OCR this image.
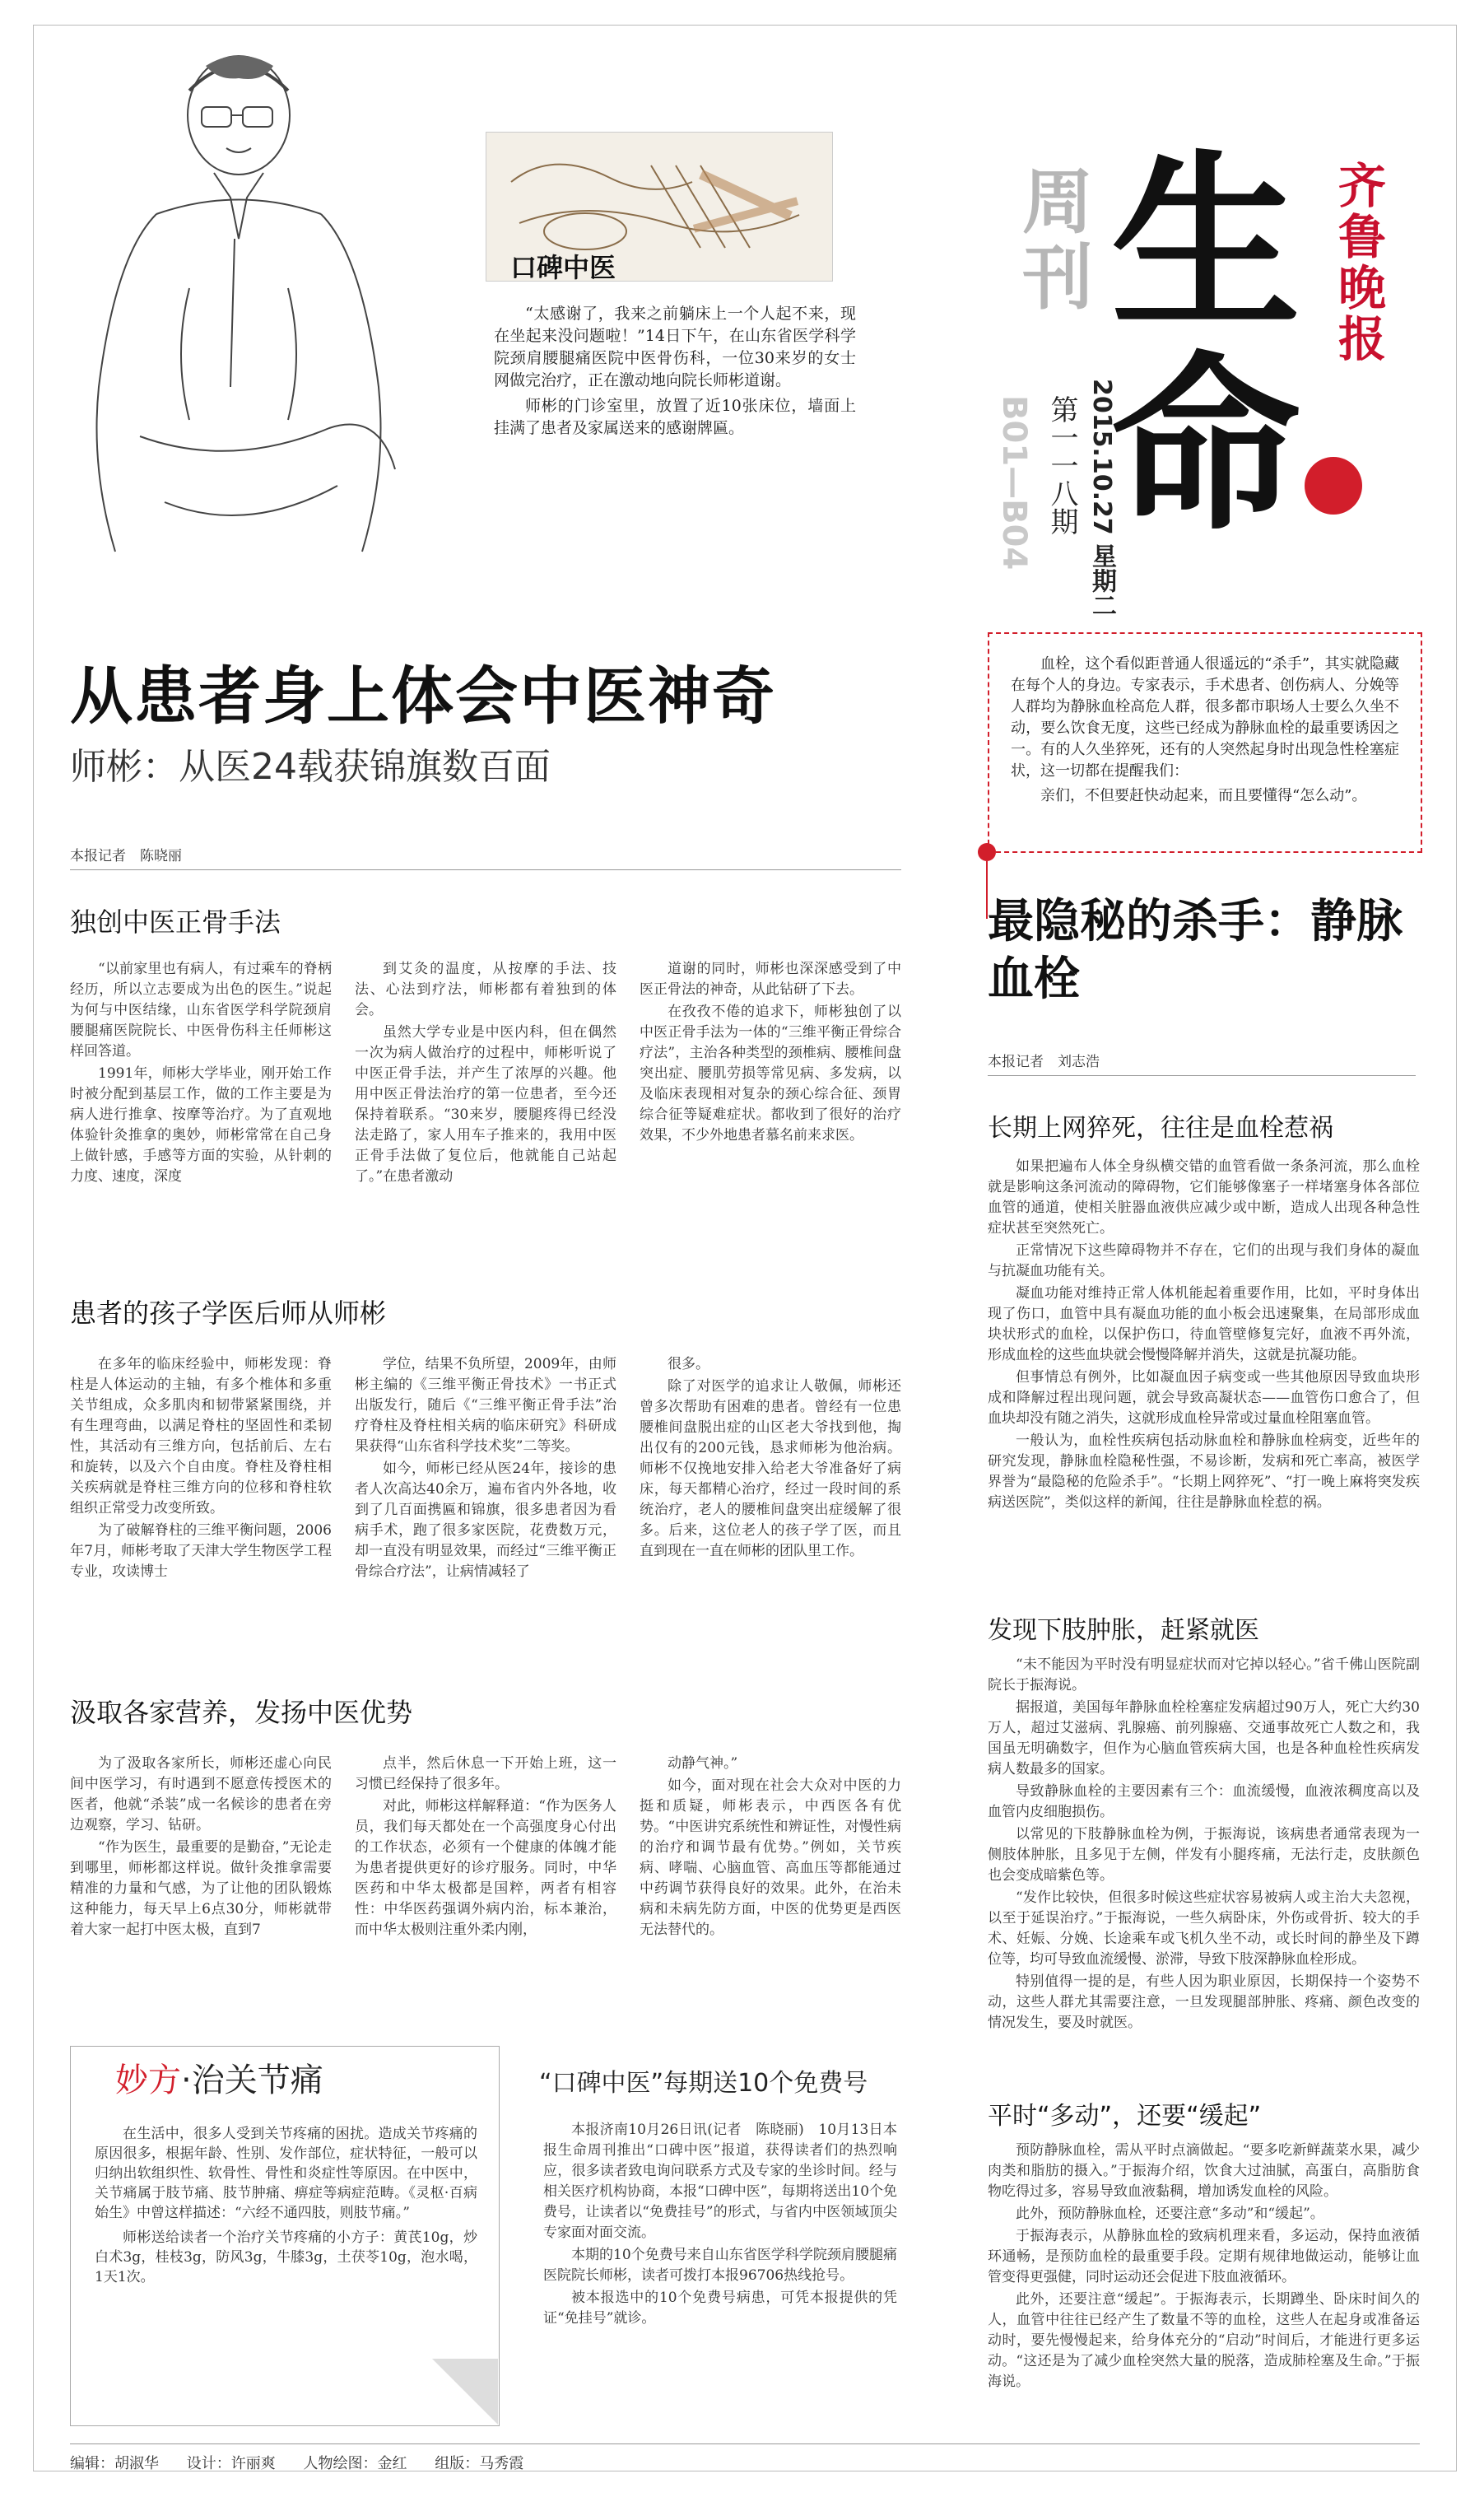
口碑中医

“太感谢了，我来之前躺床上一个人起不来，现在坐起来没问题啦！”14日下午，在山东省医学科学院颈肩腰腿痛医院中医骨伤科，一位30来岁的女士网做完治疗，正在激动地向院长师彬道谢。

师彬的门诊室里，放置了近10张床位，墙面上挂满了患者及家属送来的感谢牌匾。

周刊 生命
齐鲁晚报
2015.10.27 星期二
第一一八期
B01—B04
从患者身上体会中医神奇
师彬：从医24载获锦旗数百面
本报记者　陈晓丽
独创中医正骨手法

“以前家里也有病人，有过乘车的脊柄经历，所以立志要成为出色的医生。”说起为何与中医结缘，山东省医学科学院颈肩腰腿痛医院院长、中医骨伤科主任师彬这样回答道。

1991年，师彬大学毕业，刚开始工作时被分配到基层工作，做的工作主要是为病人进行推拿、按摩等治疗。为了直观地体验针灸推拿的奥妙，师彬常常在自己身上做针感，手感等方面的实验，从针刺的力度、速度，深度

到艾灸的温度，从按摩的手法、技法、心法到疗法，师彬都有着独到的体会。

虽然大学专业是中医内科，但在偶然一次为病人做治疗的过程中，师彬听说了中医正骨手法，并产生了浓厚的兴趣。他用中医正骨法治疗的第一位患者，至今还保持着联系。“30来岁，腰腿疼得已经没法走路了，家人用车子推来的，我用中医正骨手法做了复位后，他就能自己站起了。”在患者激动

道谢的同时，师彬也深深感受到了中医正骨法的神奇，从此钻研了下去。

在孜孜不倦的追求下，师彬独创了以中医正骨手法为一体的“三维平衡正骨综合疗法”，主治各种类型的颈椎病、腰椎间盘突出症、腰肌劳损等常见病、多发病，以及临床表现相对复杂的颈心综合征、颈胃综合征等疑难症状。都收到了很好的治疗效果，不少外地患者慕名前来求医。

患者的孩子学医后师从师彬

在多年的临床经验中，师彬发现：脊柱是人体运动的主轴，有多个椎体和多重关节组成，众多肌肉和韧带紧紧围绕，并有生理弯曲，以满足脊柱的坚固性和柔韧性，其活动有三维方向，包括前后、左右和旋转，以及六个自由度。脊柱及脊柱相关疾病就是脊柱三维方向的位移和脊柱软组织正常受力改变所致。

为了破解脊柱的三维平衡问题，2006年7月，师彬考取了天津大学生物医学工程专业，攻读博士

学位，结果不负所望，2009年，由师彬主编的《三维平衡正骨技术》一书正式出版发行，随后《“三维平衡正骨手法”治疗脊柱及脊柱相关病的临床研究》科研成果获得“山东省科学技术奖”二等奖。

如今，师彬已经从医24年，接诊的患者人次高达40余万，遍布省内外各地，收到了几百面携匾和锦旗，很多患者因为看病手术，跑了很多家医院，花费数万元，却一直没有明显效果，而经过“三维平衡正骨综合疗法”，让病情减轻了

很多。

除了对医学的追求让人敬佩，师彬还曾多次帮助有困难的患者。曾经有一位患腰椎间盘脱出症的山区老大爷找到他，掏出仅有的200元钱，恳求师彬为他治病。师彬不仅挽地安排入给老大爷准备好了病床，每天都精心治疗，经过一段时间的系统治疗，老人的腰椎间盘突出症缓解了很多。后来，这位老人的孩子学了医，而且直到现在一直在师彬的团队里工作。

汲取各家营养，发扬中医优势

为了汲取各家所长，师彬还虚心向民间中医学习，有时遇到不愿意传授医术的医者，他就“杀装”成一名候诊的患者在旁边观察，学习、钻研。

“作为医生，最重要的是勤奋，”无论走到哪里，师彬都这样说。做针灸推拿需要精准的力量和气感，为了让他的团队锻炼这种能力，每天早上6点30分，师彬就带着大家一起打中医太极，直到7

点半，然后休息一下开始上班，这一习惯已经保持了很多年。

对此，师彬这样解释道：“作为医务人员，我们每天都处在一个高强度身心付出的工作状态，必须有一个健康的体魄才能为患者提供更好的诊疗服务。同时，中华医药和中华太极都是国粹，两者有相容性：中华医药强调外病内治，标本兼治，而中华太极则注重外柔内刚，

动静气神。”

如今，面对现在社会大众对中医的力挺和质疑，师彬表示，中西医各有优势。“中医讲究系统性和辨证性，对慢性病的治疗和调节最有优势。”例如，关节疾病、哮喘、心脑血管、高血压等都能通过中药调节获得良好的效果。此外，在治未病和未病先防方面，中医的优势更是西医无法替代的。

妙方·治关节痛

在生活中，很多人受到关节疼痛的困扰。造成关节疼痛的原因很多，根据年龄、性别、发作部位，症状特征，一般可以归纳出软组织性、软骨性、骨性和炎症性等原因。在中医中，关节痛属于肢节痛、肢节肿痛、痹症等病症范畴。《灵枢·百病始生》中曾这样描述：“六经不通四肢，则肢节痛。”

师彬送给读者一个治疗关节疼痛的小方子：黄芪10g，炒白术3g，桂枝3g，防风3g，牛膝3g，土茯苓10g，泡水喝，1天1次。

“口碑中医”每期送10个免费号

本报济南10月26日讯(记者　陈晓丽)　10月13日本报生命周刊推出“口碑中医”报道，获得读者们的热烈响应，很多读者致电询问联系方式及专家的坐诊时间。经与相关医疗机构协商，本报“口碑中医”，每期将送出10个免费号，让读者以“免费挂号”的形式，与省内中医领域顶尖专家面对面交流。

本期的10个免费号来自山东省医学科学院颈肩腰腿痛医院院长师彬，读者可拨打本报96706热线抢号。

被本报选中的10个免费号病患，可凭本报提供的凭证“免挂号”就诊。

血栓，这个看似距普通人很遥远的“杀手”，其实就隐藏在每个人的身边。专家表示，手术患者、创伤病人、分娩等人群均为静脉血栓高危人群，很多都市职场人士要么久坐不动，要么饮食无度，这些已经成为静脉血栓的最重要诱因之一。有的人久坐猝死，还有的人突然起身时出现急性栓塞症状，这一切都在提醒我们：

亲们，不但要赶快动起来，而且要懂得“怎么动”。

最隐秘的杀手：静脉血栓
本报记者　刘志浩
长期上网猝死，往往是血栓惹祸

如果把遍布人体全身纵横交错的血管看做一条条河流，那么血栓就是影响这条河流动的障碍物，它们能够像塞子一样堵塞身体各部位血管的通道，使相关脏器血液供应减少或中断，造成人出现各种急性症状甚至突然死亡。

正常情况下这些障碍物并不存在，它们的出现与我们身体的凝血与抗凝血功能有关。

凝血功能对维持正常人体机能起着重要作用，比如，平时身体出现了伤口，血管中具有凝血功能的血小板会迅速聚集，在局部形成血块状形式的血栓，以保护伤口，待血管壁修复完好，血液不再外流，形成血栓的这些血块就会慢慢降解并消失，这就是抗凝功能。

但事情总有例外，比如凝血因子病变或一些其他原因导致血块形成和降解过程出现问题，就会导致高凝状态——血管伤口愈合了，但血块却没有随之消失，这就形成血栓异常或过量血栓阻塞血管。

一般认为，血栓性疾病包括动脉血栓和静脉血栓病变，近些年的研究发现，静脉血栓隐秘性强，不易诊断，发病和死亡率高，被医学界誉为“最隐秘的危险杀手”。“长期上网猝死”、“打一晚上麻将突发疾病送医院”，类似这样的新闻，往往是静脉血栓惹的祸。

发现下肢肿胀，赶紧就医

“未不能因为平时没有明显症状而对它掉以轻心。”省千佛山医院副院长于振海说。

据报道，美国每年静脉血栓栓塞症发病超过90万人，死亡大约30万人，超过艾滋病、乳腺癌、前列腺癌、交通事故死亡人数之和，我国虽无明确数字，但作为心脑血管疾病大国，也是各种血栓性疾病发病人数最多的国家。

导致静脉血栓的主要因素有三个：血流缓慢，血液浓稠度高以及血管内皮细胞损伤。

以常见的下肢静脉血栓为例，于振海说，该病患者通常表现为一侧肢体肿胀，且多见于左侧，伴发有小腿疼痛，无法行走，皮肤颜色也会变成暗紫色等。

“发作比较快，但很多时候这些症状容易被病人或主治大夫忽视，以至于延误治疗。”于振海说，一些久病卧床，外伤或骨折、较大的手术、妊娠、分娩、长途乘车或飞机久坐不动，或长时间的静坐及下蹲位等，均可导致血流缓慢、淤滞，导致下肢深静脉血栓形成。

特别值得一提的是，有些人因为职业原因，长期保持一个姿势不动，这些人群尤其需要注意，一旦发现腿部肿胀、疼痛、颜色改变的情况发生，要及时就医。

平时“多动”，还要“缓起”

预防静脉血栓，需从平时点滴做起。“要多吃新鲜蔬菜水果，减少肉类和脂肪的摄入。”于振海介绍，饮食大过油腻，高蛋白，高脂肪食物吃得过多，容易导致血液黏稠，增加诱发血栓的风险。

此外，预防静脉血栓，还要注意“多动”和“缓起”。

于振海表示，从静脉血栓的致病机理来看，多运动，保持血液循环通畅，是预防血栓的最重要手段。定期有规律地做运动，能够让血管变得更强健，同时运动还会促进下肢血液循环。

此外，还要注意“缓起”。于振海表示，长期蹲坐、卧床时间久的人，血管中往往已经产生了数量不等的血栓，这些人在起身或准备运动时，要先慢慢起来，给身体充分的“启动”时间后，才能进行更多运动。“这还是为了减少血栓突然大量的脱落，造成肺栓塞及生命。”于振海说。

编辑：胡淑华 设计：许丽爽 人物绘图：金红 组版：马秀霞
